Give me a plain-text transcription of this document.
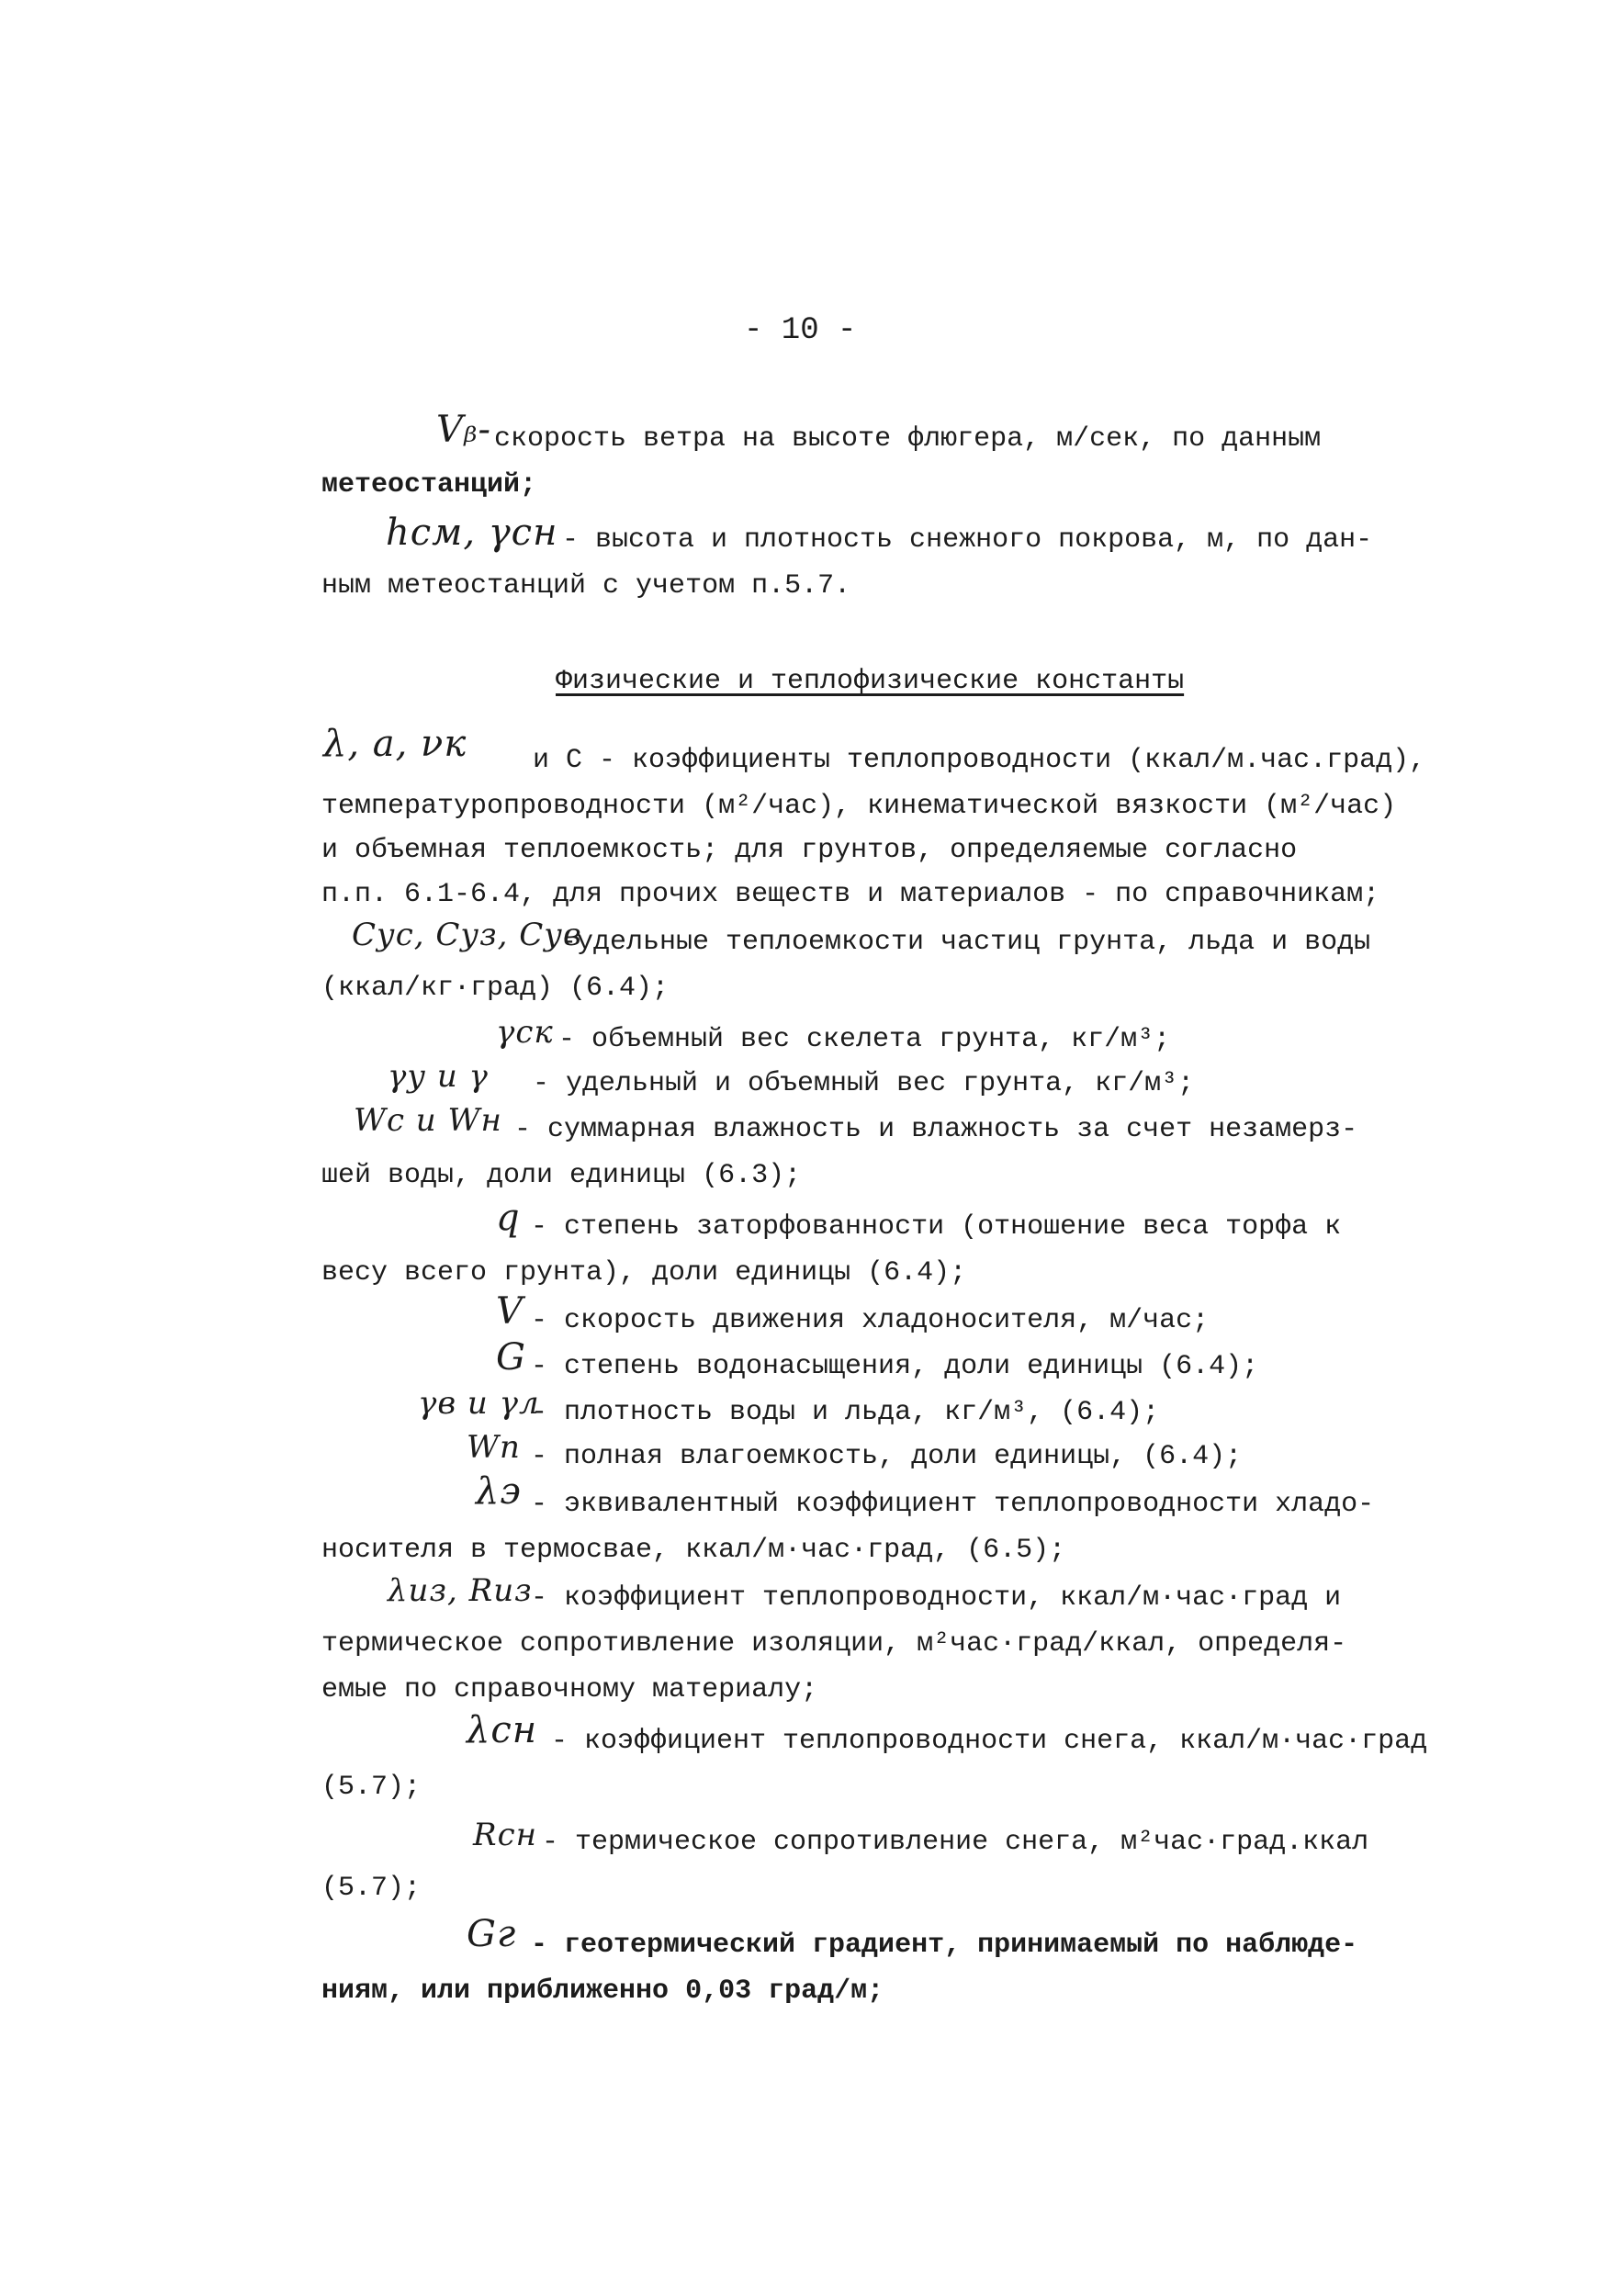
- 10 -
Vᵦ- скорость ветра на высоте флюгера, м/сек, по данным
метеостанций;
hсм, γсн - высота и плотность снежного покрова, м, по дан-
ным метеостанций с учетом п.5.7.
Физические и теплофизические константы
λ, a, νк и С - коэффициенты теплопроводности (ккал/м.час.град),
температуропроводности (м²/час), кинематической вязкости (м²/час)
и объемная теплоемкость; для грунтов, определяемые согласно
п.п. 6.1-6.4, для прочих веществ и материалов - по справочникам;
Cус, Cуз, Cув
-удельные теплоемкости частиц грунта, льда и воды
(ккал/кг·град) (6.4);
γск - объемный вес скелета грунта, кг/м³;
γу и γ - удельный и объемный вес грунта, кг/м³;
Wc и Wн - суммарная влажность и влажность за счет незамерз-
шей воды, доли единицы (6.3);
q - степень заторфованности (отношение веса торфа к
весу всего грунта), доли единицы (6.4);
V - скорость движения хладоносителя, м/час;
G - степень водонасыщения, доли единицы (6.4);
γв и γл
- плотность воды и льда, кг/м³, (6.4);
Wп - полная влагоемкость, доли единицы, (6.4);
λэ - эквивалентный коэффициент теплопроводности хладо-
носителя в термосвае, ккал/м·час·град, (6.5);
λиз, Rиз
- коэффициент теплопроводности, ккал/м·час·град и
термическое сопротивление изоляции, м²час·град/ккал, определя-
емые по справочному материалу;
λсн - коэффициент теплопроводности снега, ккал/м·час·град
(5.7);
Rсн - термическое сопротивление снега, м²час·град.ккал
(5.7);
Gг - геотермический градиент, принимаемый по наблюде-
ниям, или приближенно 0,03 град/м;
